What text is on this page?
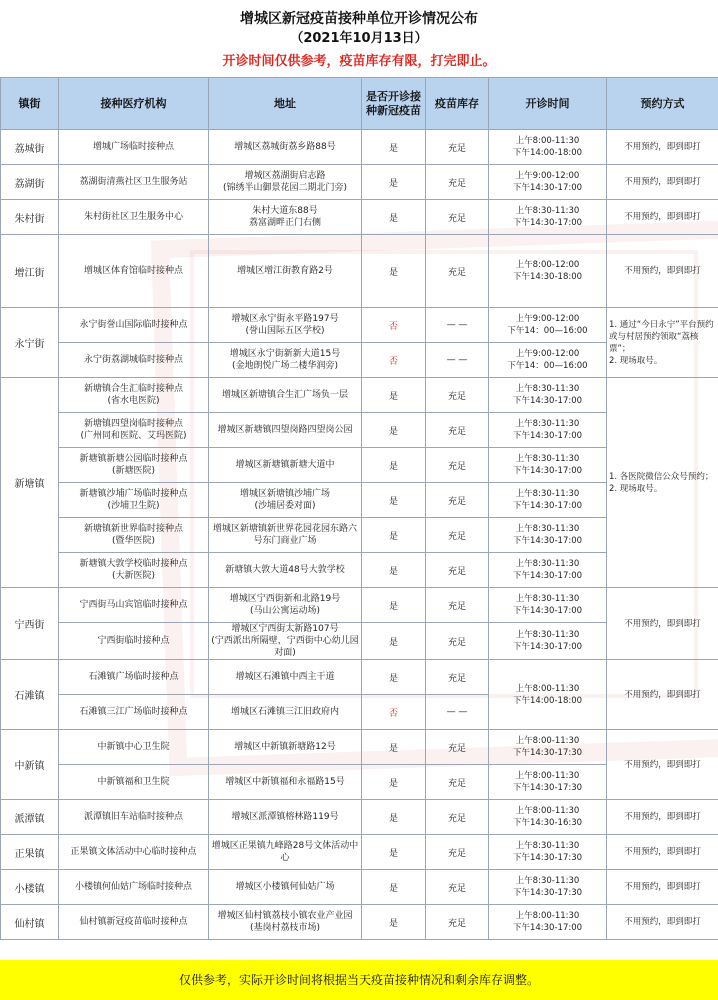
增城区新冠疫苗接种单位开诊情况公布
（2021年10月13日）
开诊时间仅供参考，疫苗库存有限，打完即止。
镇街	接种医疗机构	地址	是否开诊接种新冠疫苗	疫苗库存	开诊时间	预约方式
荔城街	增城广场临时接种点	增城区荔城街荔乡路88号	是	充足	上午8:00-11:30
下午14:00-18:00	不用预约，即到即打
荔湖街	荔湖街清燕社区卫生服务站	增城区荔湖街启志路
(锦绣半山御景花园二期北门旁)	是	充足	上午9:00-12:00
下午14:30-17:00	不用预约，即到即打
朱村街	朱村街社区卫生服务中心	朱村大道东88号
荔富湖畔正门右侧	是	充足	上午8:30-11:30
下午14:30-17:00	不用预约，即到即打
增江街	增城区体育馆临时接种点	增城区增江街教育路2号	是	充足	上午8:00-12:00
下午14:30-18:00	不用预约，即到即打
永宁街	永宁街誉山国际临时接种点	增城区永宁街永平路197号
(誉山国际五区学校)	否	— —	上午9:00-12:00
下午14：00—16:00	1. 通过“今日永宁”平台预约或与村居预约领取“荔核票”；
2. 现场取号。
	永宁街荔湖城临时接种点	增城区永宁街新新大道15号
(金地朗悦广场二楼华润旁)	否	— —	上午9:00-12:00
下午14：00—16:00	
新塘镇	新塘镇合生汇临时接种点
(省水电医院)	增城区新塘镇合生汇广场负一层	是	充足	上午8:30-11:30
下午14:30-17:00	1. 各医院微信公众号预约；
2. 现场取号。
	新塘镇四望岗临时接种点
(广州同和医院、艾玛医院)	增城区新塘镇四望岗路四望岗公园	是	充足	上午8:30-11:30
下午14:30-17:00	
	新塘镇新塘公园临时接种点
(新塘医院)	增城区新塘镇新塘大道中	是	充足	上午8:30-11:30
下午14:30-17:00	
	新塘镇沙埔广场临时接种点
(沙埔卫生院)	增城区新塘镇沙埔广场
(沙埔居委对面)	是	充足	上午8:30-11:30
下午14:30-17:00	
	新塘镇新世界临时接种点
(暨华医院)	增城区新塘镇新世界花园花园东路六号东门商业广场	是	充足	上午8:30-11:30
下午14:30-17:00	
	新塘镇大敦学校临时接种点
(大新医院)	新塘镇大敦大道48号大敦学校	是	充足	上午8:30-11:30
下午14:30-17:00	
宁西街	宁西街马山宾馆临时接种点	增城区宁西街新和北路19号
(马山公寓运动场)	是	充足	上午8:30-11:30
下午14:30-17:00	不用预约，即到即打
	宁西街临时接种点	增城区宁西街太新路107号
(宁西派出所隔壁，宁西街中心幼儿园对面)	是	充足	上午8:30-11:30
下午14:30-17:00	
石滩镇	石滩镇广场临时接种点	增城区石滩镇中西主干道	是	充足	上午8:00-11:30
下午14:00-18:00	不用预约，即到即打
	石滩镇三江广场临时接种点	增城区石滩镇三江旧政府内	否	— —		
中新镇	中新镇中心卫生院	增城区中新镇新塘路12号	是	充足	上午8:00-11:30
下午14:30-17:30	不用预约，即到即打
	中新镇福和卫生院	增城区中新镇福和永福路15号	是	充足	上午8:00-11:30
下午14:30-17:30	
派潭镇	派潭镇旧车站临时接种点	增城区派潭镇榕林路119号	是	充足	上午8:00-11:30
下午14:30-16:30	不用预约，即到即打
正果镇	正果镇文体活动中心临时接种点	增城区正果镇九峰路28号文体活动中心	是	充足	上午8:30-11:30
下午14:30-17:30	不用预约，即到即打
小楼镇	小楼镇何仙姑广场临时接种点	增城区小楼镇何仙姑广场	是	充足	上午8:30-11:30
下午14:30-17:30	不用预约，即到即打
仙村镇	仙村镇新冠疫苗临时接种点	增城区仙村镇荔枝小镇农业产业园
(基岗村荔枝市场)	是	充足	上午8:00-11:30
下午14:30-17:00	不用预约，即到即打
仅供参考，实际开诊时间将根据当天疫苗接种情况和剩余库存调整。
